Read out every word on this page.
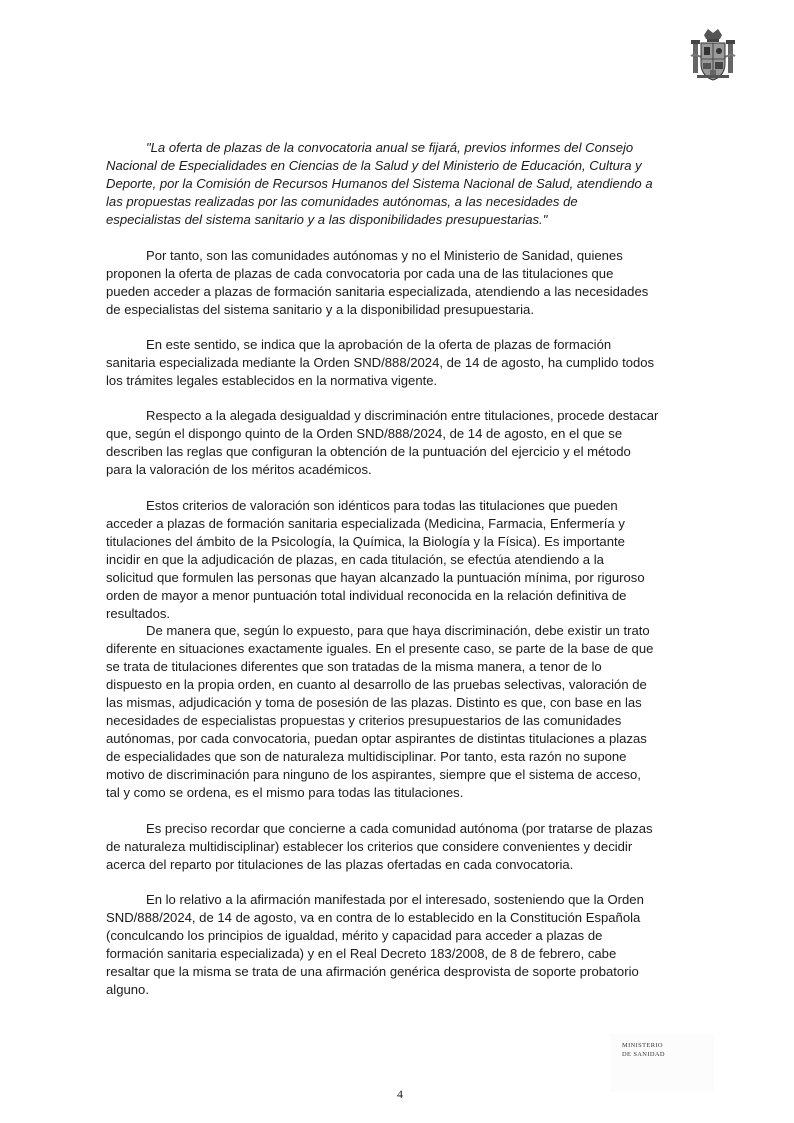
"La oferta de plazas de la convocatoria anual se fijará, previos informes del Consejo

Nacional de Especialidades en Ciencias de la Salud y del Ministerio de Educación, Cultura y

Deporte, por la Comisión de Recursos Humanos del Sistema Nacional de Salud, atendiendo a

las propuestas realizadas por las comunidades autónomas, a las necesidades de

especialistas del sistema sanitario y a las disponibilidades presupuestarias."

Por tanto, son las comunidades autónomas y no el Ministerio de Sanidad, quienes

proponen la oferta de plazas de cada convocatoria por cada una de las titulaciones que

pueden acceder a plazas de formación sanitaria especializada, atendiendo a las necesidades

de especialistas del sistema sanitario y a la disponibilidad presupuestaria.

En este sentido, se indica que la aprobación de la oferta de plazas de formación

sanitaria especializada mediante la Orden SND/888/2024, de 14 de agosto, ha cumplido todos

los trámites legales establecidos en la normativa vigente.

Respecto a la alegada desigualdad y discriminación entre titulaciones, procede destacar

que, según el dispongo quinto de la Orden SND/888/2024, de 14 de agosto, en el que se

describen las reglas que configuran la obtención de la puntuación del ejercicio y el método

para la valoración de los méritos académicos.

Estos criterios de valoración son idénticos para todas las titulaciones que pueden

acceder a plazas de formación sanitaria especializada (Medicina, Farmacia, Enfermería y

titulaciones del ámbito de la Psicología, la Química, la Biología y la Física). Es importante

incidir en que la adjudicación de plazas, en cada titulación, se efectúa atendiendo a la

solicitud que formulen las personas que hayan alcanzado la puntuación mínima, por riguroso

orden de mayor a menor puntuación total individual reconocida en la relación definitiva de

resultados.

De manera que, según lo expuesto, para que haya discriminación, debe existir un trato

diferente en situaciones exactamente iguales. En el presente caso, se parte de la base de que

se trata de titulaciones diferentes que son tratadas de la misma manera, a tenor de lo

dispuesto en la propia orden, en cuanto al desarrollo de las pruebas selectivas, valoración de

las mismas, adjudicación y toma de posesión de las plazas. Distinto es que, con base en las

necesidades de especialistas propuestas y criterios presupuestarios de las comunidades

autónomas, por cada convocatoria, puedan optar aspirantes de distintas titulaciones a plazas

de especialidades que son de naturaleza multidisciplinar. Por tanto, esta razón no supone

motivo de discriminación para ninguno de los aspirantes, siempre que el sistema de acceso,

tal y como se ordena, es el mismo para todas las titulaciones.

Es preciso recordar que concierne a cada comunidad autónoma (por tratarse de plazas

de naturaleza multidisciplinar) establecer los criterios que considere convenientes y decidir

acerca del reparto por titulaciones de las plazas ofertadas en cada convocatoria.

En lo relativo a la afirmación manifestada por el interesado, sosteniendo que la Orden

SND/888/2024, de 14 de agosto, va en contra de lo establecido en la Constitución Española

(conculcando los principios de igualdad, mérito y capacidad para acceder a plazas de

formación sanitaria especializada) y en el Real Decreto 183/2008, de 8 de febrero, cabe

resaltar que la misma se trata de una afirmación genérica desprovista de soporte probatorio

alguno.

MINISTERIO

DE SANIDAD

4
